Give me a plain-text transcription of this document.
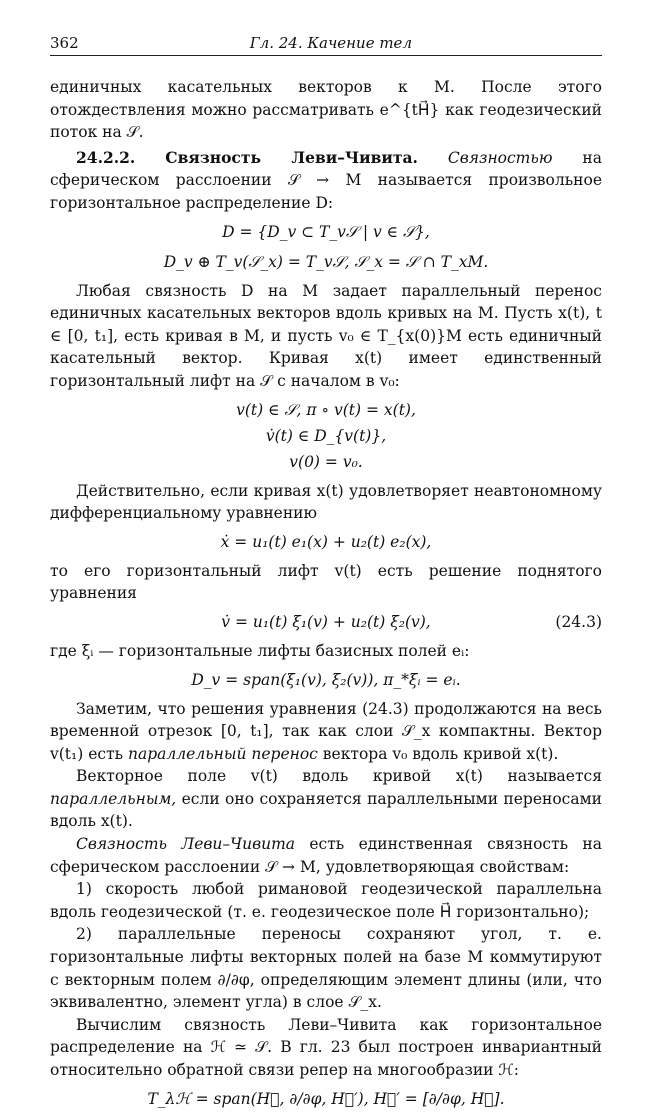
362	Гл. 24. Качение тел

единичных касательных векторов к M. После этого отождествления можно рассматривать e^{tH⃗} как геодезический поток на 𝒮.

24.2.2. Связность Леви–Чивита. Связностью на сферическом расслоении 𝒮 → M называется произвольное горизонтальное распределение D:

D = {D_v ⊂ T_v𝒮 | v ∈ 𝒮},
D_v ⊕ T_v(𝒮_x) = T_v𝒮, 𝒮_x = 𝒮 ∩ T_xM.

Любая связность D на M задает параллельный перенос единичных касательных векторов вдоль кривых на M. Пусть x(t), t ∈ [0, t₁], есть кривая в M, и пусть v₀ ∈ T_{x(0)}M есть единичный касательный вектор. Кривая x(t) имеет единственный горизонтальный лифт на 𝒮 с началом в v₀:

v(t) ∈ 𝒮, π ∘ v(t) = x(t),
v̇(t) ∈ D_{v(t)},
v(0) = v₀.

Действительно, если кривая x(t) удовлетворяет неавтономному дифференциальному уравнению

ẋ = u₁(t) e₁(x) + u₂(t) e₂(x),

то его горизонтальный лифт v(t) есть решение поднятого уравнения

v̇ = u₁(t) ξ₁(v) + u₂(t) ξ₂(v),	(24.3)

где ξᵢ — горизонтальные лифты базисных полей eᵢ:

D_v = span(ξ₁(v), ξ₂(v)), π_*ξᵢ = eᵢ.

Заметим, что решения уравнения (24.3) продолжаются на весь временной отрезок [0, t₁], так как слои 𝒮_x компактны. Вектор v(t₁) есть параллельный перенос вектора v₀ вдоль кривой x(t).

Векторное поле v(t) вдоль кривой x(t) называется параллельным, если оно сохраняется параллельными переносами вдоль x(t).

Связность Леви–Чивита есть единственная связность на сферическом расслоении 𝒮 → M, удовлетворяющая свойствам:

1) скорость любой римановой геодезической параллельна вдоль геодезической (т. е. геодезическое поле H⃗ горизонтально);

2) параллельные переносы сохраняют угол, т. е. горизонтальные лифты векторных полей на базе M коммутируют с векторным полем ∂/∂φ, определяющим элемент длины (или, что эквивалентно, элемент угла) в слое 𝒮_x.

Вычислим связность Леви–Чивита как горизонтальное распределение на ℋ ≃ 𝒮. В гл. 23 был построен инвариантный относительно обратной связи репер на многообразии ℋ:

T_λℋ = span(H⃗, ∂/∂φ, H⃗′), H⃗′ = [∂/∂φ, H⃗].
